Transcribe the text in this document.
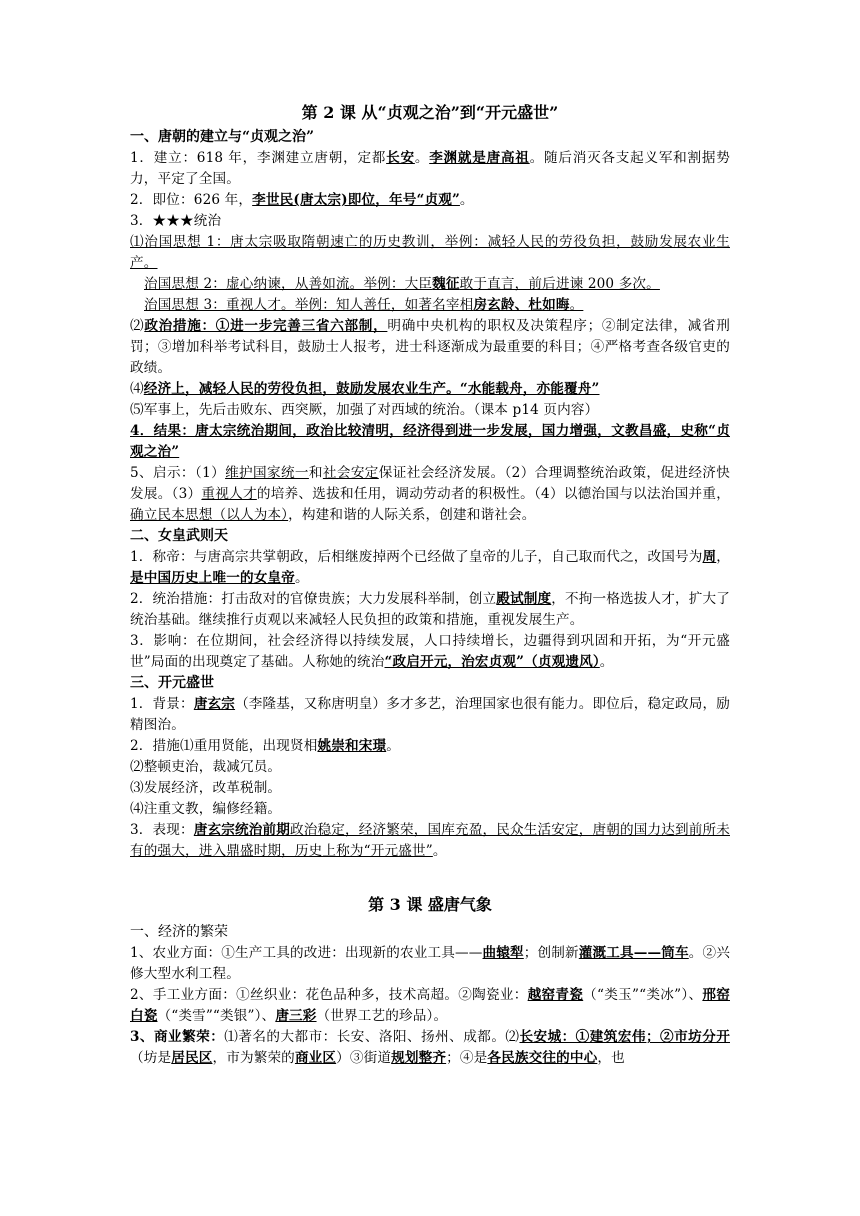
第 2 课 从“贞观之治”到“开元盛世”
一、唐朝的建立与“贞观之治”

1．建立：618 年，李渊建立唐朝，定都长安。李渊就是唐高祖。随后消灭各支起义军和割据势力，平定了全国。

2．即位：626 年，李世民(唐太宗)即位，年号“贞观”。

3．★★★统治

⑴治国思想 1：唐太宗吸取隋朝速亡的历史教训，举例：减轻人民的劳役负担，鼓励发展农业生产。

治国思想 2：虚心纳谏，从善如流。举例：大臣魏征敢于直言，前后进谏 200 多次。

治国思想 3：重视人才。举例：知人善任，如著名宰相房玄龄、杜如晦。

⑵政治措施：①进一步完善三省六部制，明确中央机构的职权及决策程序；②制定法律，减省刑罚；③增加科举考试科目，鼓励士人报考，进士科逐渐成为最重要的科目；④严格考查各级官吏的政绩。

⑷经济上，减轻人民的劳役负担，鼓励发展农业生产。“水能载舟，亦能覆舟”

⑸军事上，先后击败东、西突厥，加强了对西域的统治。（课本 p14 页内容）

4．结果：唐太宗统治期间，政治比较清明，经济得到进一步发展，国力增强，文教昌盛，史称“贞观之治”

5、启示：（1）维护国家统一和社会安定保证社会经济发展。（2）合理调整统治政策，促进经济快发展。（3）重视人才的培养、选拔和任用，调动劳动者的积极性。（4）以德治国与以法治国并重，确立民本思想（以人为本），构建和谐的人际关系，创建和谐社会。

二、女皇武则天

1．称帝：与唐高宗共掌朝政，后相继废掉两个已经做了皇帝的儿子，自己取而代之，改国号为周，是中国历史上唯一的女皇帝。

2．统治措施：打击敌对的官僚贵族；大力发展科举制，创立殿试制度，不拘一格选拔人才，扩大了统治基础。继续推行贞观以来减轻人民负担的政策和措施，重视发展生产。

3．影响：在位期间，社会经济得以持续发展，人口持续增长，边疆得到巩固和开拓，为“开元盛世”局面的出现奠定了基础。人称她的统治“政启开元，治宏贞观”（贞观遗风）。

三、开元盛世

1．背景：唐玄宗（李隆基，又称唐明皇）多才多艺，治理国家也很有能力。即位后，稳定政局，励精图治。

2．措施⑴重用贤能，出现贤相姚崇和宋璟。

⑵整顿吏治，裁减冗员。

⑶发展经济，改革税制。

⑷注重文教，编修经籍。

3．表现：唐玄宗统治前期政治稳定，经济繁荣，国库充盈，民众生活安定，唐朝的国力达到前所未有的强大，进入鼎盛时期，历史上称为“开元盛世”。

第 3 课 盛唐气象
一、经济的繁荣

1、农业方面：①生产工具的改进：出现新的农业工具——曲辕犁；创制新灌溉工具——筒车。②兴修大型水利工程。

2、手工业方面：①丝织业：花色品种多，技术高超。②陶瓷业：越窑青瓷（“类玉”“类冰”）、邢窑白瓷（“类雪”“类银”）、唐三彩（世界工艺的珍品）。

3、商业繁荣：⑴著名的大都市：长安、洛阳、扬州、成都。⑵长安城：①建筑宏伟；②市坊分开（坊是居民区，市为繁荣的商业区）③街道规划整齐；④是各民族交往的中心，也
